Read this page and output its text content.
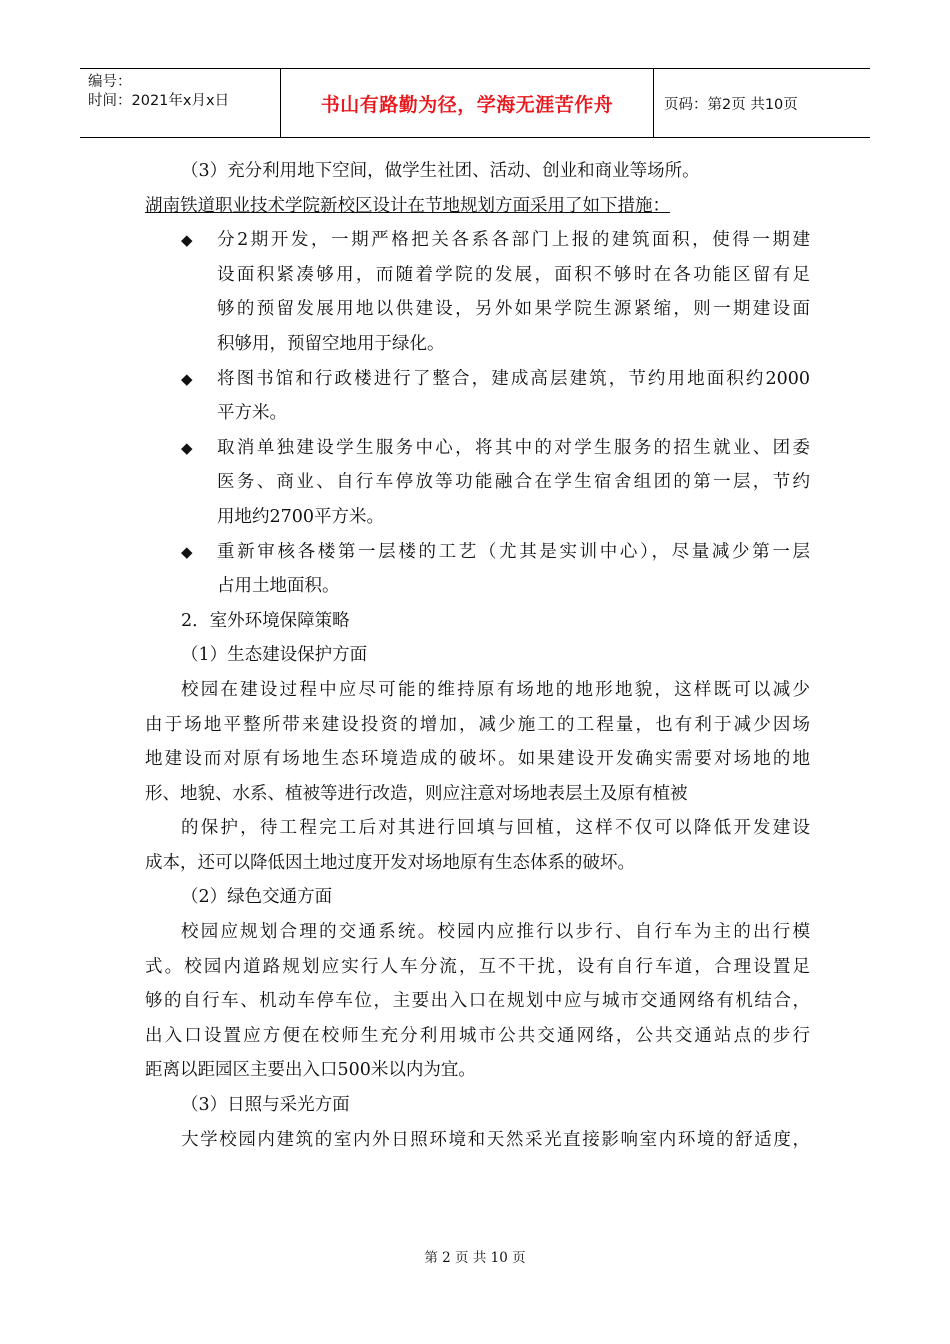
编号：
时间：2021年x月x日	书山有路勤为径，学海无涯苦作舟	页码：第2页 共10页
（3）充分利用地下空间，做学生社团、活动、创业和商业等场所。
湖南铁道职业技术学院新校区设计在节地规划方面采用了如下措施：
◆	分2期开发，一期严格把关各系各部门上报的建筑面积，使得一期建
设面积紧凑够用，而随着学院的发展，面积不够时在各功能区留有足
够的预留发展用地以供建设，另外如果学院生源紧缩，则一期建设面
积够用，预留空地用于绿化。
◆	将图书馆和行政楼进行了整合，建成高层建筑，节约用地面积约2000
平方米。
◆	取消单独建设学生服务中心，将其中的对学生服务的招生就业、团委
医务、商业、自行车停放等功能融合在学生宿舍组团的第一层，节约
用地约2700平方米。
◆	重新审核各楼第一层楼的工艺（尤其是实训中心），尽量减少第一层
占用土地面积。
2．室外环境保障策略
（1）生态建设保护方面
校园在建设过程中应尽可能的维持原有场地的地形地貌，这样既可以减少
由于场地平整所带来建设投资的增加，减少施工的工程量，也有利于减少因场
地建设而对原有场地生态环境造成的破坏。如果建设开发确实需要对场地的地
形、地貌、水系、植被等进行改造，则应注意对场地表层土及原有植被
的保护，待工程完工后对其进行回填与回植，这样不仅可以降低开发建设
成本，还可以降低因土地过度开发对场地原有生态体系的破坏。
（2）绿色交通方面
校园应规划合理的交通系统。校园内应推行以步行、自行车为主的出行模
式。校园内道路规划应实行人车分流，互不干扰，设有自行车道，合理设置足
够的自行车、机动车停车位，主要出入口在规划中应与城市交通网络有机结合，
出入口设置应方便在校师生充分利用城市公共交通网络，公共交通站点的步行
距离以距园区主要出入口500米以内为宜。
（3）日照与采光方面
大学校园内建筑的室内外日照环境和天然采光直接影响室内环境的舒适度，
第 2 页 共 10 页
